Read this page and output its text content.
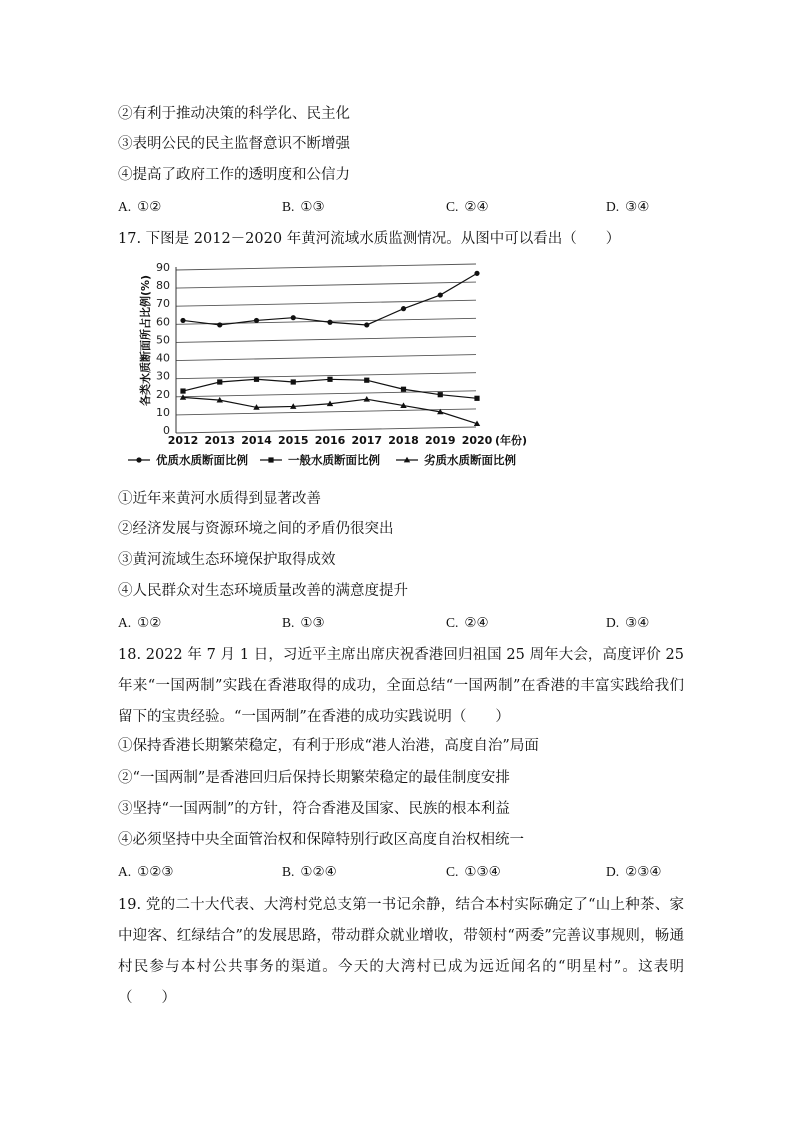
②有利于推动决策的科学化、民主化
③表明公民的民主监督意识不断增强
④提高了政府工作的透明度和公信力
A. ①②	B. ①③	C. ②④	D. ③④
17. 下图是 2012－2020 年黄河流域水质监测情况。从图中可以看出（　　）
0
10
20
30
40
50
60
70
80
90
各类水质断面所占比例(%)
2012 2013 2014 2015 2016 2017 2018 2019 2020 (年份)
优质水质断面比例	一般水质断面比例	劣质水质断面比例
①近年来黄河水质得到显著改善
②经济发展与资源环境之间的矛盾仍很突出
③黄河流域生态环境保护取得成效
④人民群众对生态环境质量改善的满意度提升
A. ①②	B. ①③	C. ②④	D. ③④
18. 2022 年 7 月 1 日，习近平主席出席庆祝香港回归祖国 25 周年大会，高度评价 25 年来“一国两制”实践在香港取得的成功，全面总结“一国两制”在香港的丰富实践给我们留下的宝贵经验。“一国两制”在香港的成功实践说明（　　）
①保持香港长期繁荣稳定，有利于形成“港人治港，高度自治”局面
②“一国两制”是香港回归后保持长期繁荣稳定的最佳制度安排
③坚持“一国两制”的方针，符合香港及国家、民族的根本利益
④必须坚持中央全面管治权和保障特别行政区高度自治权相统一
A. ①②③	B. ①②④	C. ①③④	D. ②③④
19. 党的二十大代表、大湾村党总支第一书记余静，结合本村实际确定了“山上种茶、家中迎客、红绿结合”的发展思路，带动群众就业增收，带领村“两委”完善议事规则，畅通村民参与本村公共事务的渠道。今天的大湾村已成为远近闻名的“明星村”。这表明（　　）
